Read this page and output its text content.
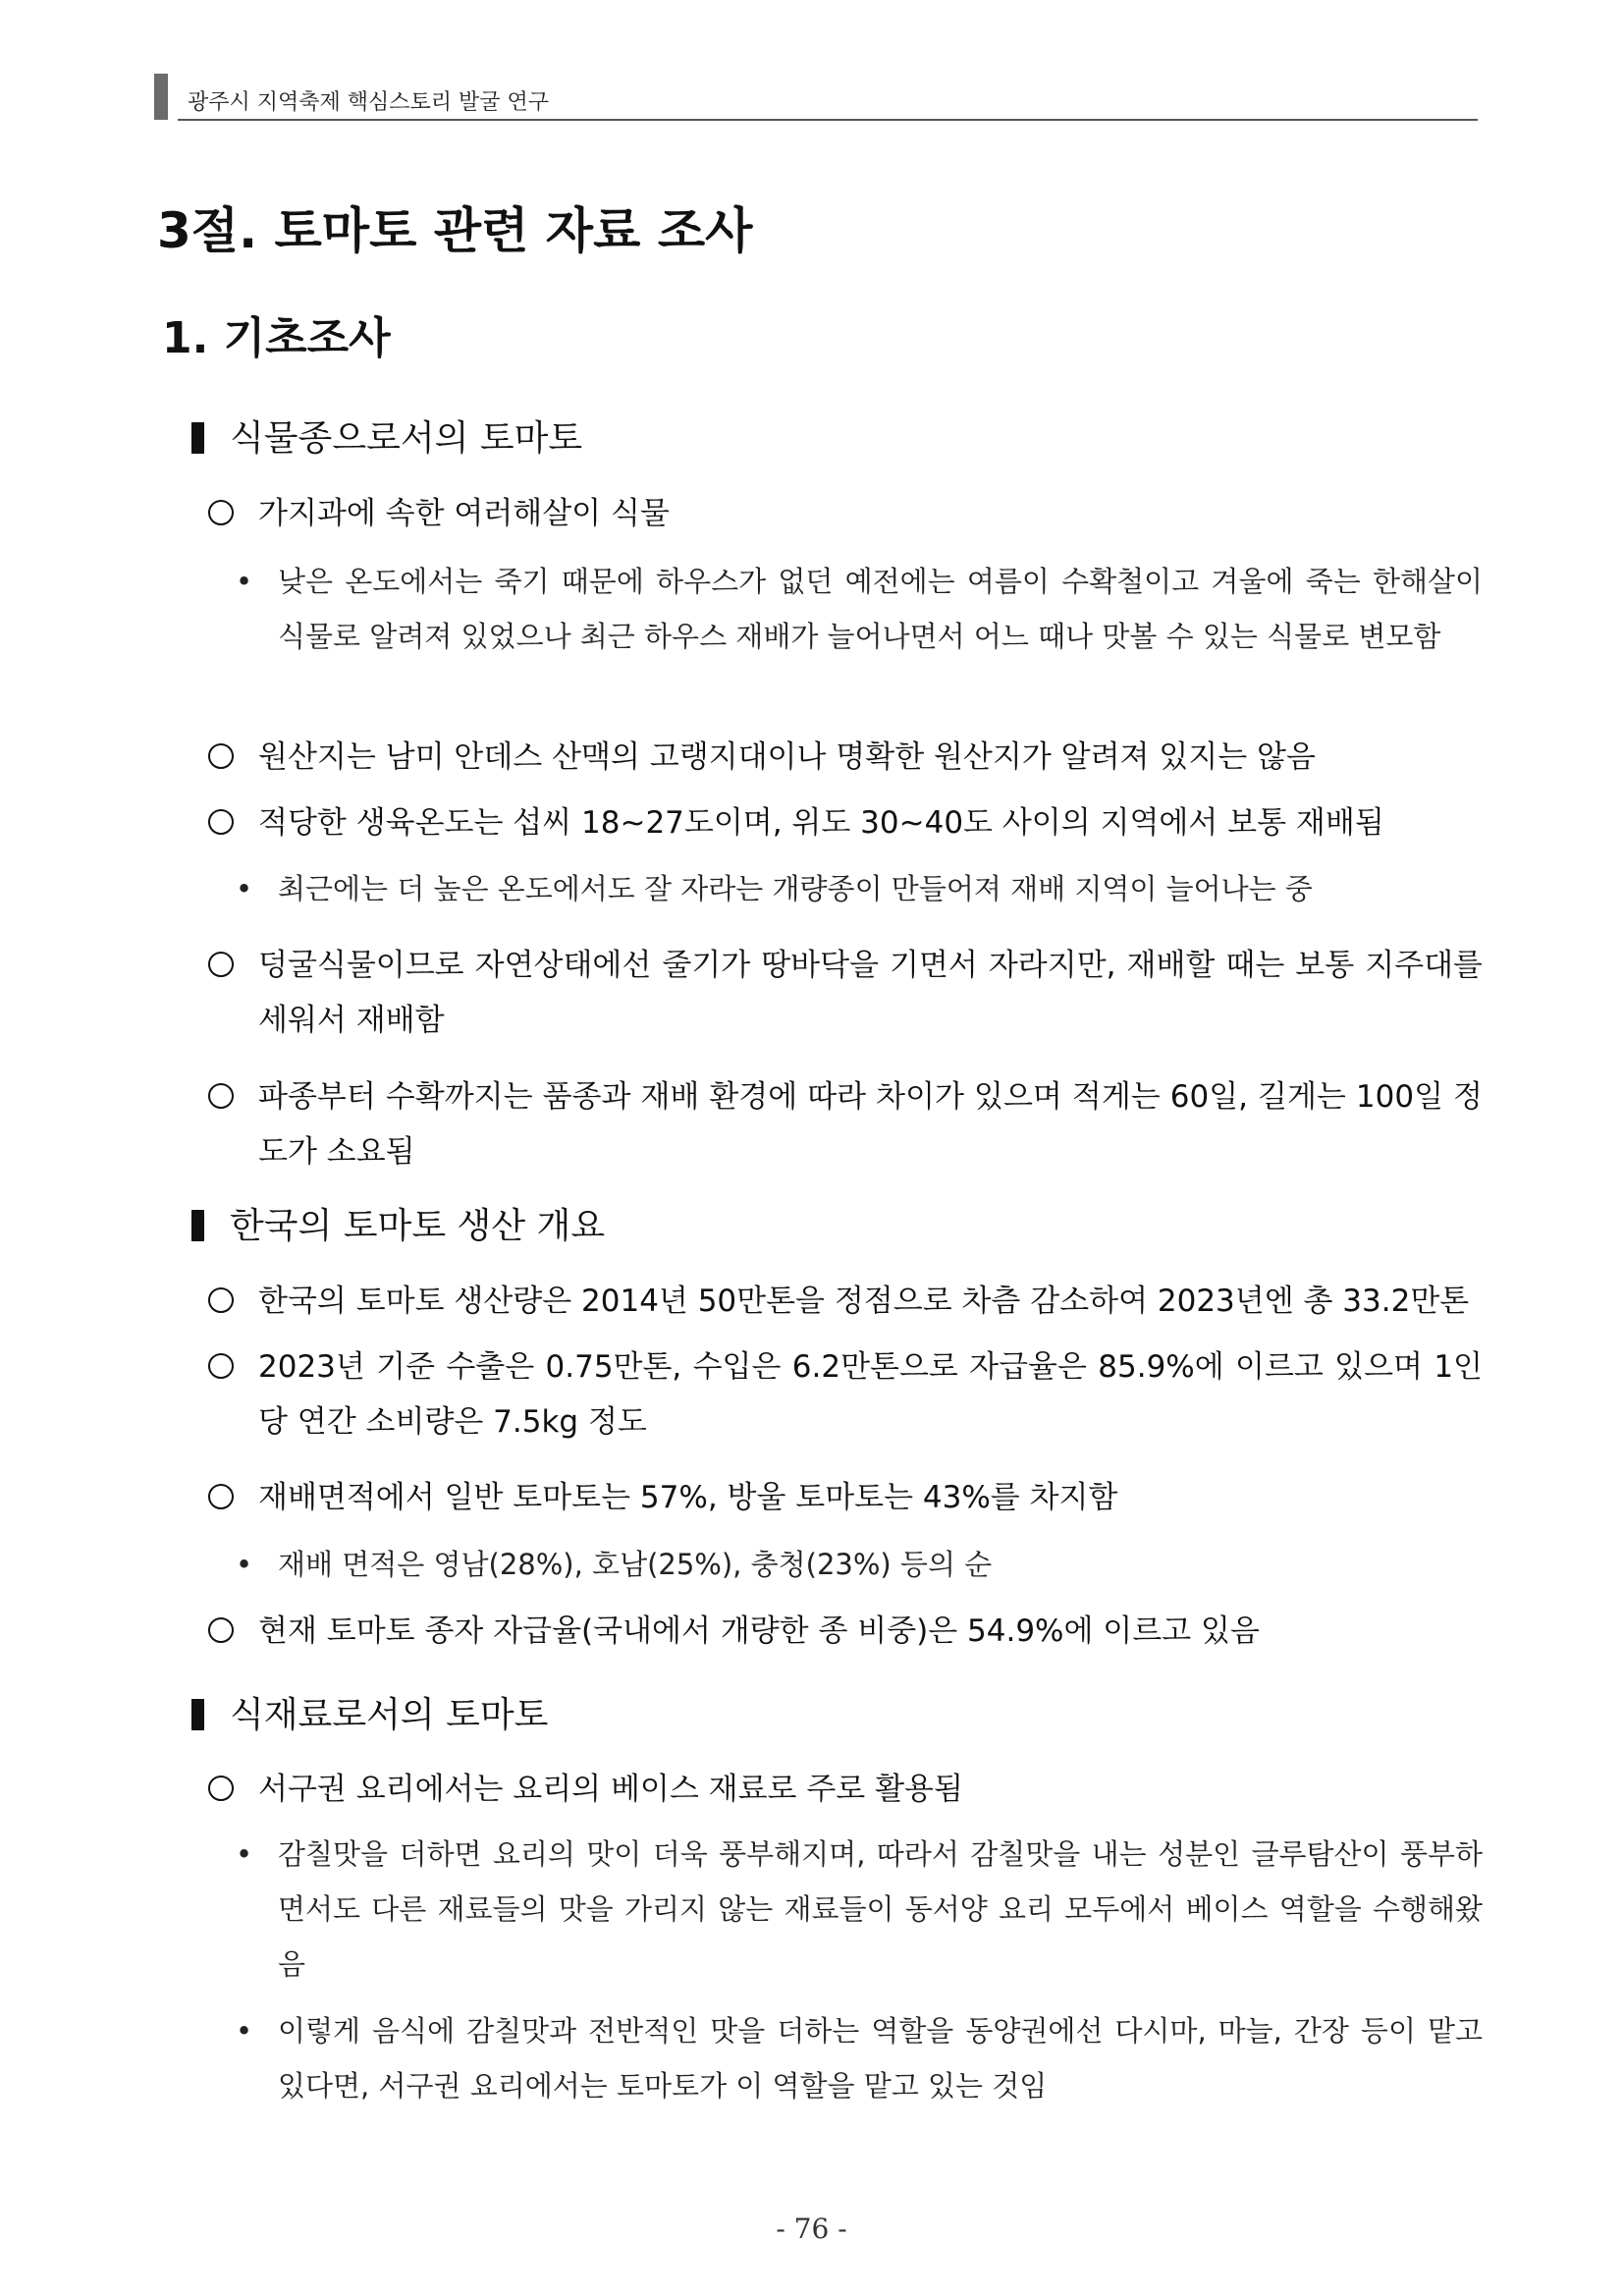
광주시 지역축제 핵심스토리 발굴 연구
3절. 토마토 관련 자료 조사
1. 기초조사
식물종으로서의 토마토
가지과에 속한 여러해살이 식물
• 낮은 온도에서는 죽기 때문에 하우스가 없던 예전에는 여름이 수확철이고 겨울에 죽는 한해살이 식물로 알려져 있었으나 최근 하우스 재배가 늘어나면서 어느 때나 맛볼 수 있는 식물로 변모함
원산지는 남미 안데스 산맥의 고랭지대이나 명확한 원산지가 알려져 있지는 않음
적당한 생육온도는 섭씨 18~27도이며, 위도 30~40도 사이의 지역에서 보통 재배됨
• 최근에는 더 높은 온도에서도 잘 자라는 개량종이 만들어져 재배 지역이 늘어나는 중
덩굴식물이므로 자연상태에선 줄기가 땅바닥을 기면서 자라지만, 재배할 때는 보통 지주대를 세워서 재배함
파종부터 수확까지는 품종과 재배 환경에 따라 차이가 있으며 적게는 60일, 길게는 100일 정도가 소요됨
한국의 토마토 생산 개요
한국의 토마토 생산량은 2014년 50만톤을 정점으로 차츰 감소하여 2023년엔 총 33.2만톤
2023년 기준 수출은 0.75만톤, 수입은 6.2만톤으로 자급율은 85.9%에 이르고 있으며 1인당 연간 소비량은 7.5kg 정도
재배면적에서 일반 토마토는 57%, 방울 토마토는 43%를 차지함
• 재배 면적은 영남(28%), 호남(25%), 충청(23%) 등의 순
현재 토마토 종자 자급율(국내에서 개량한 종 비중)은 54.9%에 이르고 있음
식재료로서의 토마토
서구권 요리에서는 요리의 베이스 재료로 주로 활용됨
• 감칠맛을 더하면 요리의 맛이 더욱 풍부해지며, 따라서 감칠맛을 내는 성분인 글루탐산이 풍부하면서도 다른 재료들의 맛을 가리지 않는 재료들이 동서양 요리 모두에서 베이스 역할을 수행해왔음
• 이렇게 음식에 감칠맛과 전반적인 맛을 더하는 역할을 동양권에선 다시마, 마늘, 간장 등이 맡고 있다면, 서구권 요리에서는 토마토가 이 역할을 맡고 있는 것임
- 76 -
